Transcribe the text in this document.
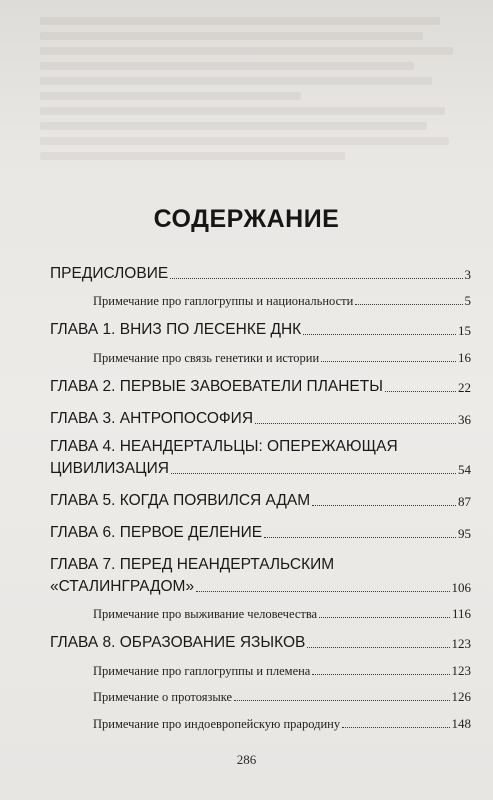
СОДЕРЖАНИЕ
ПРЕДИСЛОВИЕ	3
Примечание про гаплогруппы и национальности	5
ГЛАВА 1. ВНИЗ ПО ЛЕСЕНКЕ ДНК	15
Примечание про связь генетики и истории	16
ГЛАВА 2. ПЕРВЫЕ ЗАВОЕВАТЕЛИ ПЛАНЕТЫ	22
ГЛАВА 3. АНТРОПОСОФИЯ	36
ГЛАВА 4. НЕАНДЕРТАЛЬЦЫ: ОПЕРЕЖАЮЩАЯ
ЦИВИЛИЗАЦИЯ	54
ГЛАВА 5. КОГДА ПОЯВИЛСЯ АДАМ	87
ГЛАВА 6. ПЕРВОЕ ДЕЛЕНИЕ	95
ГЛАВА 7. ПЕРЕД НЕАНДЕРТАЛЬСКИМ
«СТАЛИНГРАДОМ»	106
Примечание про выживание человечества	116
ГЛАВА 8. ОБРАЗОВАНИЕ ЯЗЫКОВ	123
Примечание про гаплогруппы и племена	123
Примечание о протоязыке	126
Примечание про индоевропейскую прародину	148
286
